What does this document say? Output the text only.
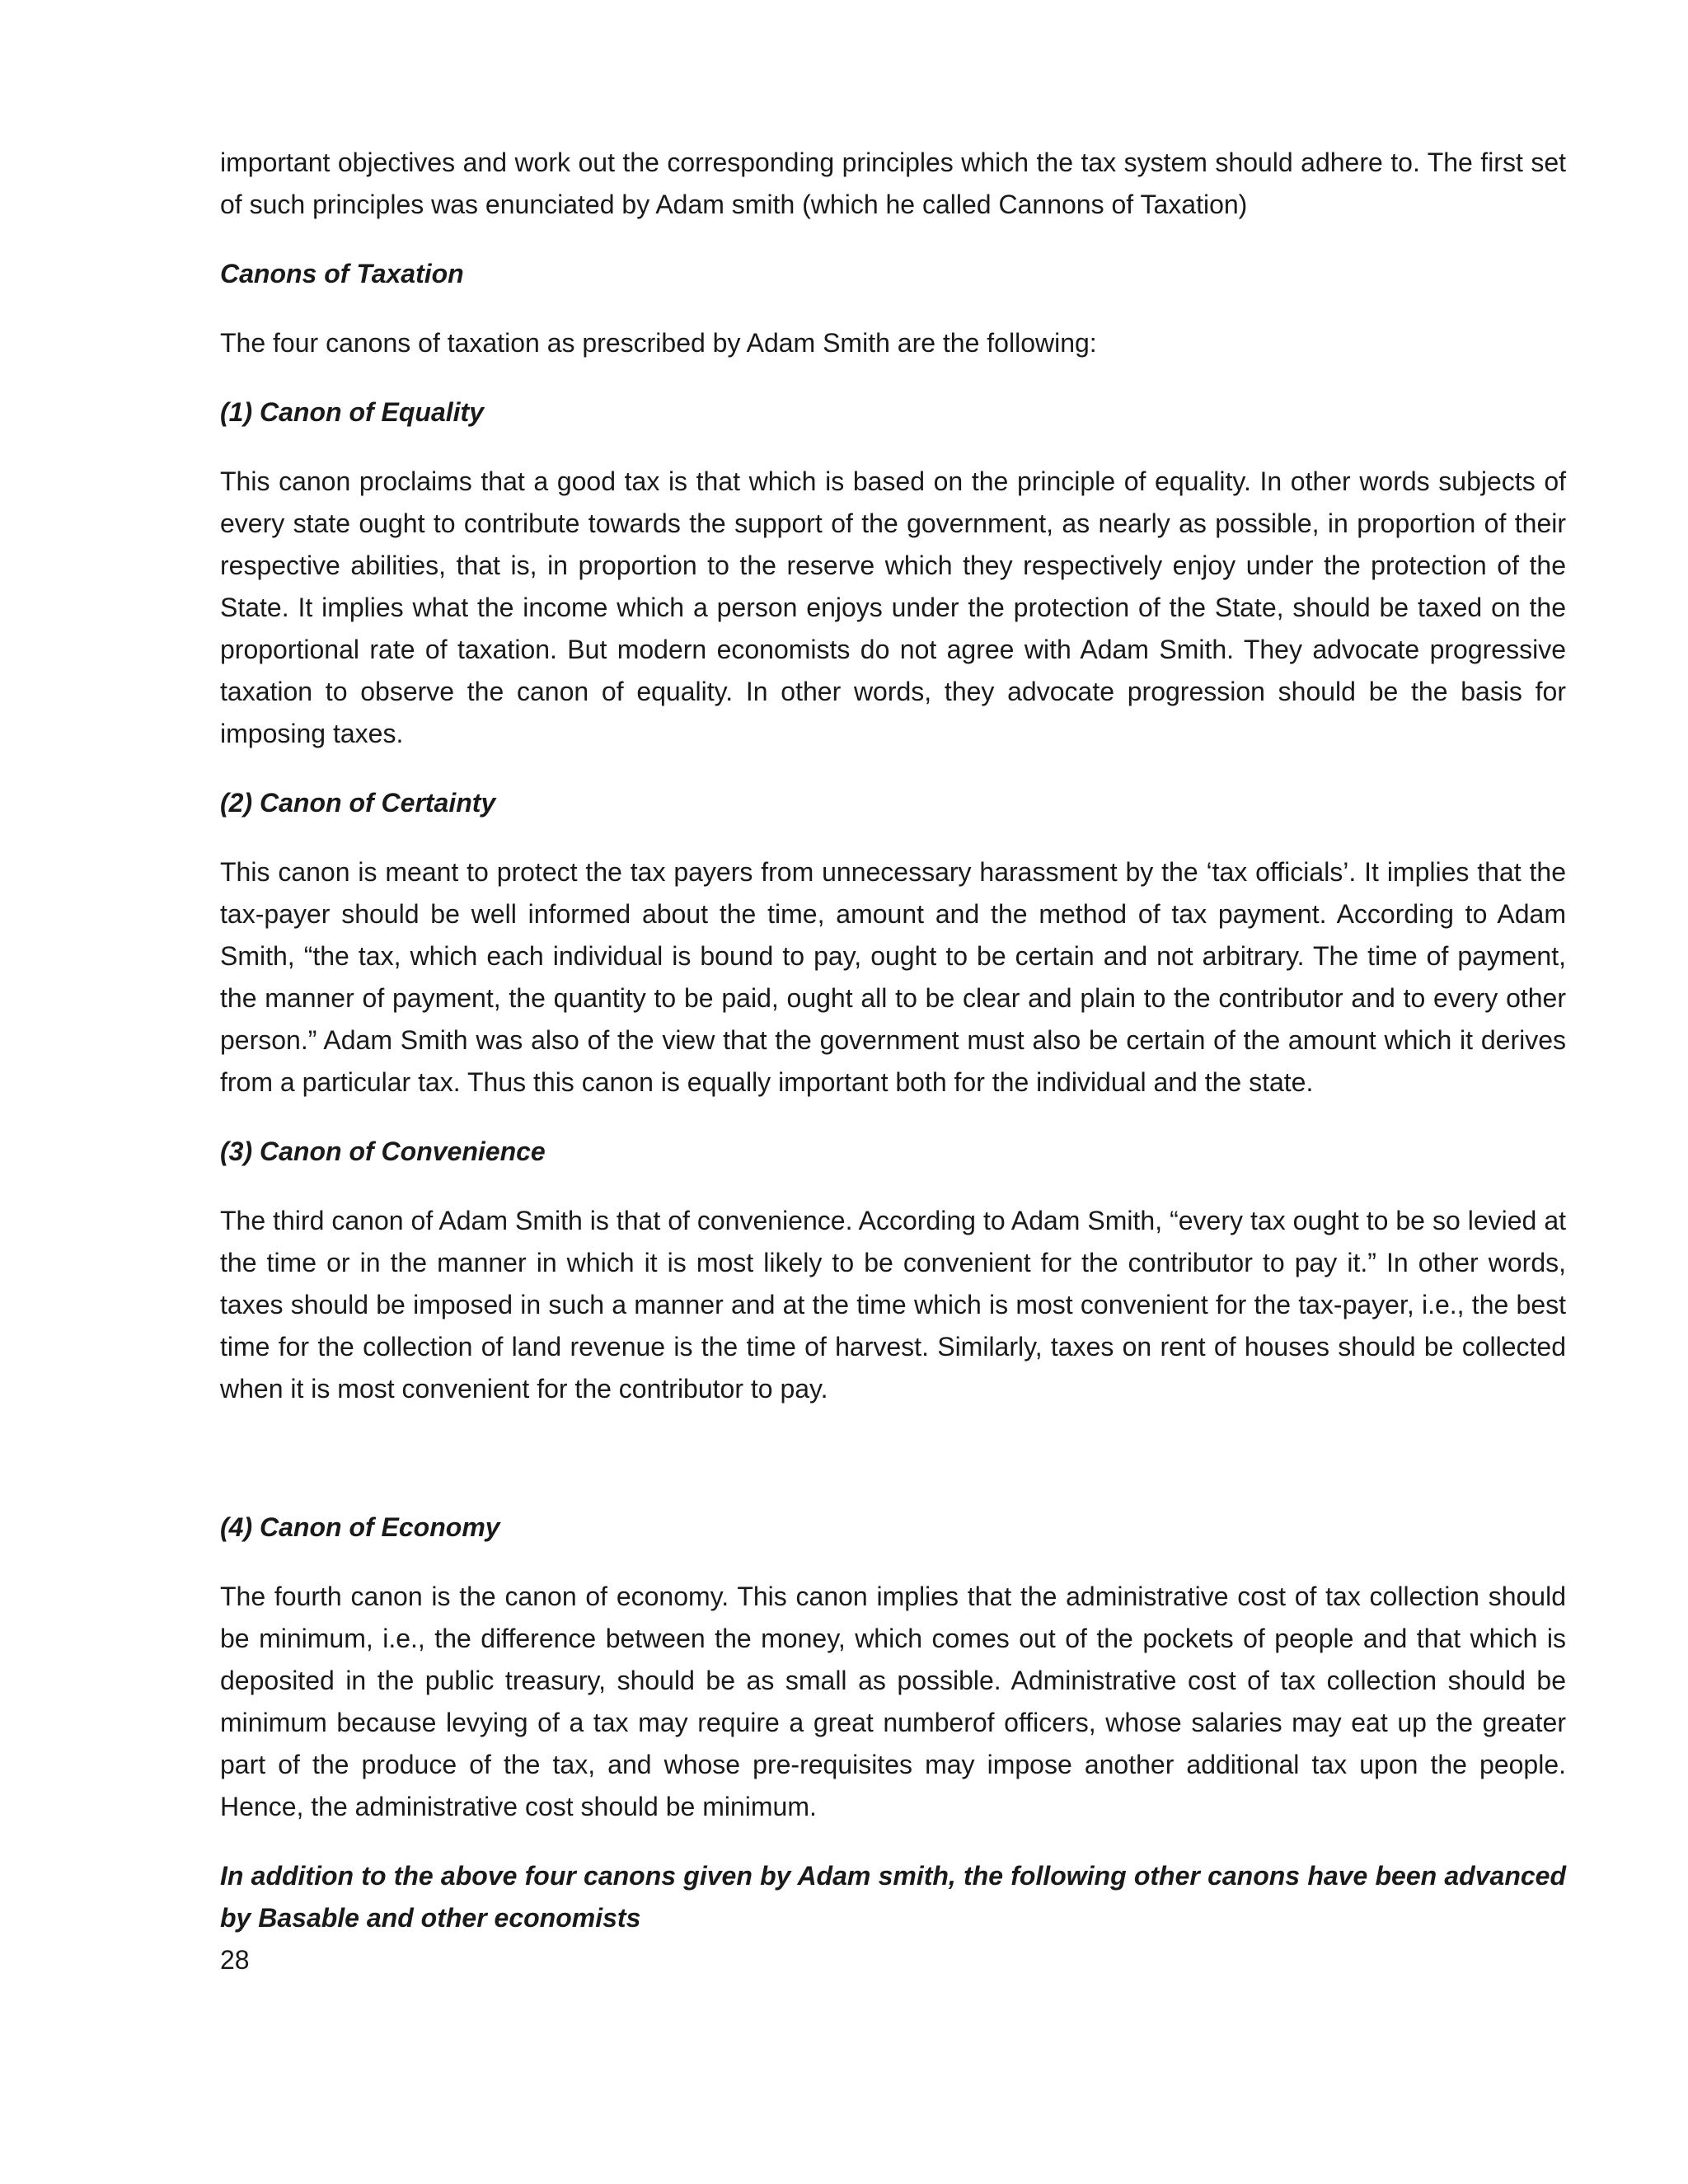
important objectives and work out the corresponding principles which the tax system should adhere to. The first set of such principles was enunciated by Adam smith (which he called Cannons of Taxation)

Canons of Taxation

The four canons of taxation as prescribed by Adam Smith are the following:

(1) Canon of Equality

This canon proclaims that a good tax is that which is based on the principle of equality. In other words subjects of every state ought to contribute towards the support of the government, as nearly as possible, in proportion of their respective abilities, that is, in proportion to the reserve which they respectively enjoy under the protection of the State. It implies what the income which a person enjoys under the protection of the State, should be taxed on the proportional rate of taxation. But modern economists do not agree with Adam Smith. They advocate progressive taxation to observe the canon of equality. In other words, they advocate progression should be the basis for imposing taxes.

(2) Canon of Certainty

This canon is meant to protect the tax payers from unnecessary harassment by the ‘tax officials’. It implies that the tax-payer should be well informed about the time, amount and the method of tax payment. According to Adam Smith, “the tax, which each individual is bound to pay, ought to be certain and not arbitrary. The time of payment, the manner of payment, the quantity to be paid, ought all to be clear and plain to the contributor and to every other person.” Adam Smith was also of the view that the government must also be certain of the amount which it derives from a particular tax. Thus this canon is equally important both for the individual and the state.

(3) Canon of Convenience

The third canon of Adam Smith is that of convenience. According to Adam Smith, “every tax ought to be so levied at the time or in the manner in which it is most likely to be convenient for the contributor to pay it.” In other words, taxes should be imposed in such a manner and at the time which is most convenient for the tax-payer, i.e., the best time for the collection of land revenue is the time of harvest. Similarly, taxes on rent of houses should be collected when it is most convenient for the contributor to pay.

(4) Canon of Economy

The fourth canon is the canon of economy. This canon implies that the administrative cost of tax collection should be minimum, i.e., the difference between the money, which comes out of the pockets of people and that which is deposited in the public treasury, should be as small as possible. Administrative cost of tax collection should be minimum because levying of a tax may require a great numberof officers, whose salaries may eat up the greater part of the produce of the tax, and whose pre-requisites may impose another additional tax upon the people. Hence, the administrative cost should be minimum.

In addition to the above four canons given by Adam smith, the following other canons have been advanced by Basable and other economists

28
